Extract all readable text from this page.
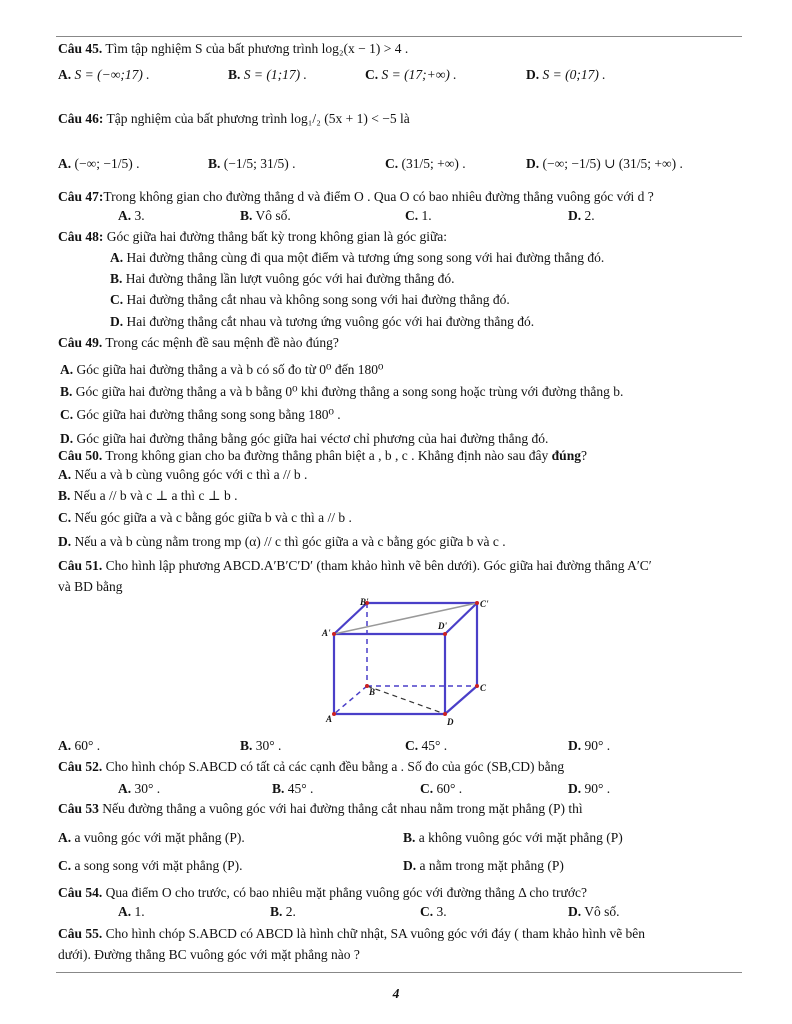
Câu 45. Tìm tập nghiệm S của bất phương trình log₂(x − 1) > 4 .
A. S = (−∞;17) .	B. S = (1;17) .	C. S = (17;+∞) .	D. S = (0;17) .
Câu 46: Tập nghiệm của bất phương trình log₁/₂ (5x + 1) < −5 là
A. (−∞; −1/5) .	B. (−1/5; 31/5) .	C. (31/5; +∞) .	D. (−∞; −1/5) ∪ (31/5; +∞) .
Câu 47:Trong không gian cho đường thẳng d và điểm O . Qua O có bao nhiêu đường thẳng vuông góc với d ?
A. 3.	B. Vô số.	C. 1.	D. 2.
Câu 48: Góc giữa hai đường thẳng bất kỳ trong không gian là góc giữa:
A. Hai đường thẳng cùng đi qua một điểm và tương ứng song song với hai đường thẳng đó.
B. Hai đường thẳng lần lượt vuông góc với hai đường thẳng đó.
C. Hai đường thẳng cắt nhau và không song song với hai đường thẳng đó.
D. Hai đường thẳng cắt nhau và tương ứng vuông góc với hai đường thẳng đó.
Câu 49. Trong các mệnh đề sau mệnh đề nào đúng?
A. Góc giữa hai đường thẳng a và b có số đo từ 0⁰ đến 180⁰
B. Góc giữa hai đường thẳng a và b bằng 0⁰ khi đường thẳng a song song hoặc trùng với đường thẳng b.
C. Góc giữa hai đường thẳng song song bằng 180⁰ .
D. Góc giữa hai đường thẳng bằng góc giữa hai véctơ chỉ phương của hai đường thẳng đó.
Câu 50. Trong không gian cho ba đường thẳng phân biệt a , b , c . Khẳng định nào sau đây đúng?
A. Nếu a và b cùng vuông góc với c thì a // b .
B. Nếu a // b và c ⊥ a thì c ⊥ b .
C. Nếu góc giữa a và c bằng góc giữa b và c thì a // b .
D. Nếu a và b cùng nằm trong mp (α) // c thì góc giữa a và c bằng góc giữa b và c .
Câu 51. Cho hình lập phương ABCD.A′B′C′D′ (tham khảo hình vẽ bên dưới). Góc giữa hai đường thẳng A′C′
và BD bằng
B'	C'
A'
D'
B	C
A	D
A. 60° .	B. 30° .	C. 45° .	D. 90° .
Câu 52. Cho hình chóp S.ABCD có tất cả các cạnh đều bằng a . Số đo của góc (SB,CD) bằng
A. 30° .	B. 45° .	C. 60° .	D. 90° .
Câu 53 Nếu đường thẳng a vuông góc với hai đường thẳng cắt nhau nằm trong mặt phẳng (P) thì
A. a vuông góc với mặt phẳng (P).	B. a không vuông góc với mặt phẳng (P)
C. a song song với mặt phẳng (P).	D. a nằm trong mặt phẳng (P)
Câu 54. Qua điểm O cho trước, có bao nhiêu mặt phẳng vuông góc với đường thẳng Δ cho trước?
A. 1.	B. 2.	C. 3.	D. Vô số.
Câu 55. Cho hình chóp S.ABCD có ABCD là hình chữ nhật, SA vuông góc với đáy ( tham khảo hình vẽ bên
dưới). Đường thẳng BC vuông góc với mặt phẳng nào ?
4
